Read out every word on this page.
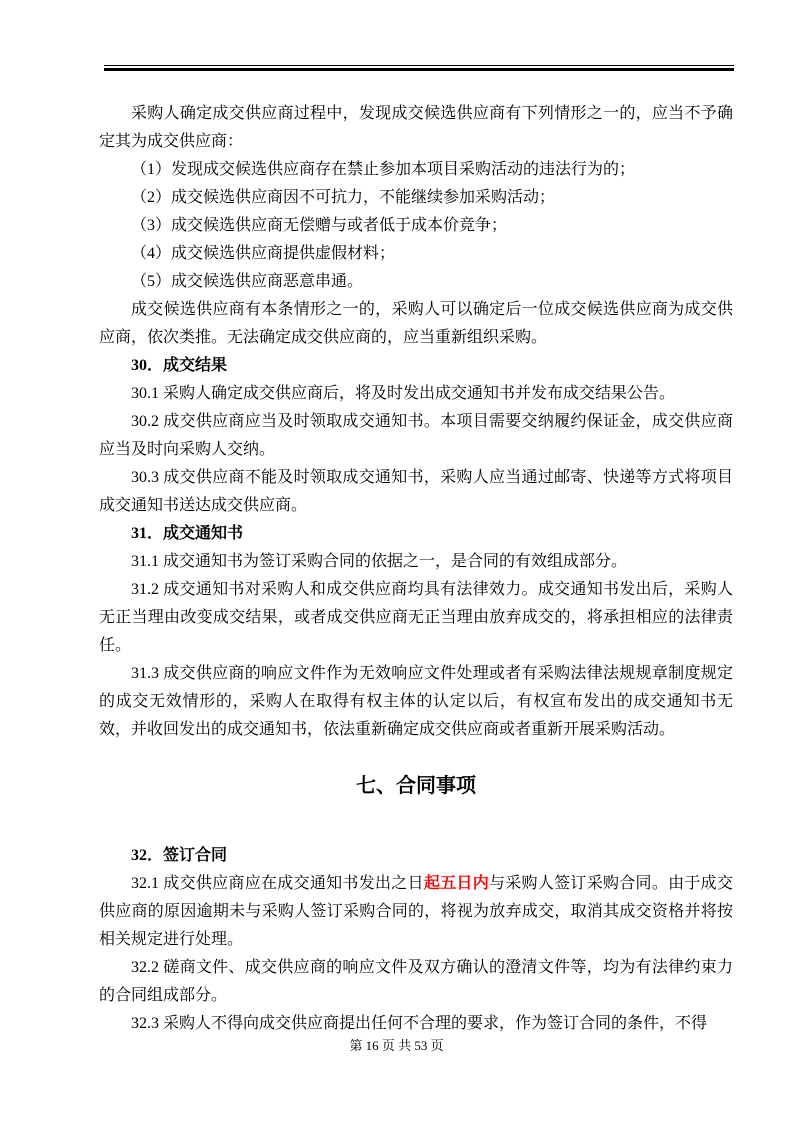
采购人确定成交供应商过程中，发现成交候选供应商有下列情形之一的，应当不予确定其为成交供应商：

（1）发现成交候选供应商存在禁止参加本项目采购活动的违法行为的；

（2）成交候选供应商因不可抗力，不能继续参加采购活动；

（3）成交候选供应商无偿赠与或者低于成本价竞争；

（4）成交候选供应商提供虚假材料；

（5）成交候选供应商恶意串通。

成交候选供应商有本条情形之一的，采购人可以确定后一位成交候选供应商为成交供应商，依次类推。无法确定成交供应商的，应当重新组织采购。

30．成交结果

30.1 采购人确定成交供应商后，将及时发出成交通知书并发布成交结果公告。

30.2 成交供应商应当及时领取成交通知书。本项目需要交纳履约保证金，成交供应商应当及时向采购人交纳。

30.3 成交供应商不能及时领取成交通知书，采购人应当通过邮寄、快递等方式将项目成交通知书送达成交供应商。

31．成交通知书

31.1 成交通知书为签订采购合同的依据之一，是合同的有效组成部分。

31.2 成交通知书对采购人和成交供应商均具有法律效力。成交通知书发出后，采购人无正当理由改变成交结果，或者成交供应商无正当理由放弃成交的，将承担相应的法律责任。

31.3 成交供应商的响应文件作为无效响应文件处理或者有采购法律法规规章制度规定的成交无效情形的，采购人在取得有权主体的认定以后，有权宣布发出的成交通知书无效，并收回发出的成交通知书，依法重新确定成交供应商或者重新开展采购活动。

七、合同事项

32．签订合同

32.1 成交供应商应在成交通知书发出之日起五日内与采购人签订采购合同。由于成交供应商的原因逾期未与采购人签订采购合同的，将视为放弃成交，取消其成交资格并将按相关规定进行处理。

32.2 磋商文件、成交供应商的响应文件及双方确认的澄清文件等，均为有法律约束力的合同组成部分。

32.3 采购人不得向成交供应商提出任何不合理的要求，作为签订合同的条件，不得

第 16 页 共 53 页
